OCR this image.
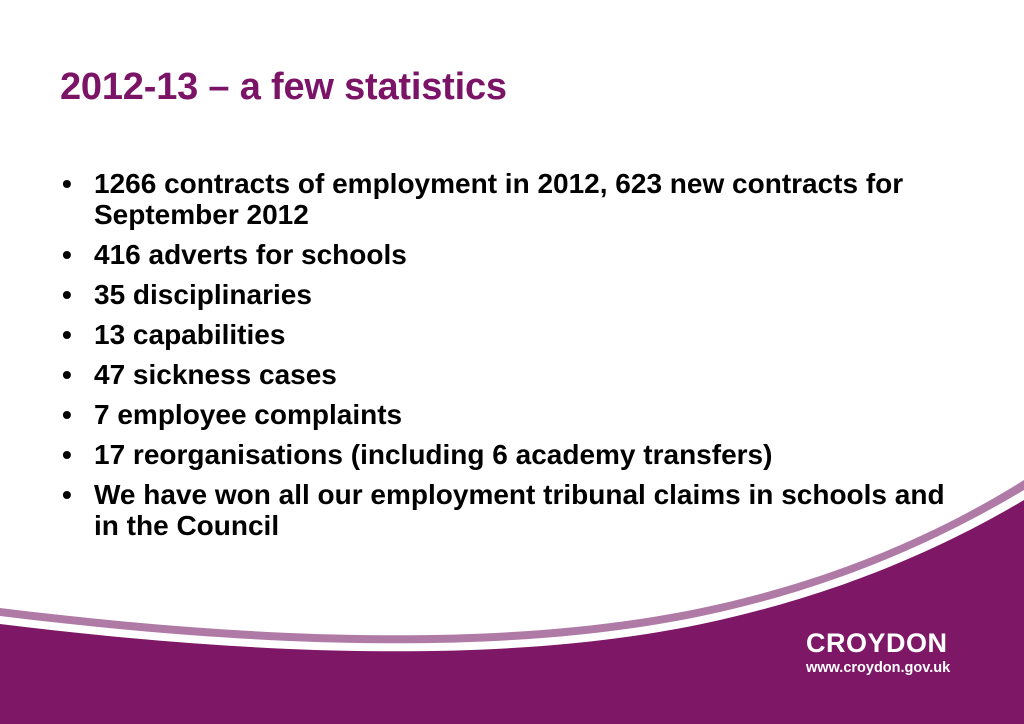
2012-13 – a few statistics
• 1266 contracts of employment in 2012, 623 new contracts for September 2012
• 416 adverts for schools
• 35 disciplinaries
• 13 capabilities
• 47 sickness cases
• 7 employee complaints
• 17 reorganisations (including 6 academy transfers)
• We have won all our employment tribunal claims in schools and in the Council
CROYDON
www.croydon.gov.uk
